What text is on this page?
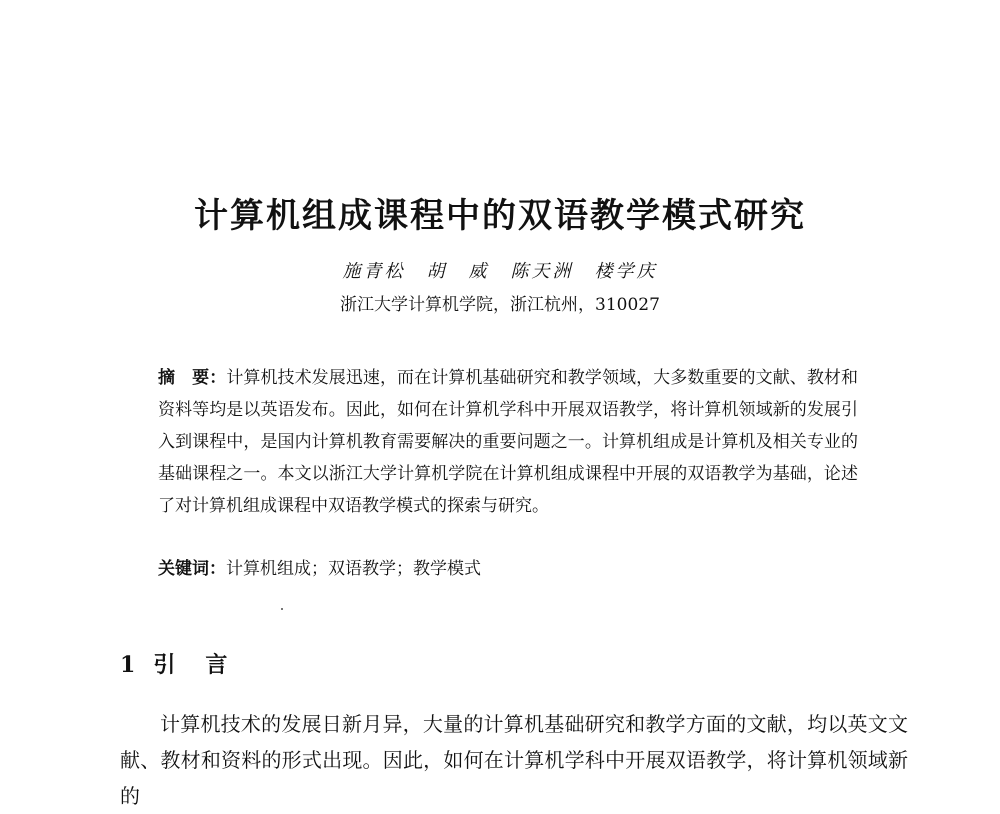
计算机组成课程中的双语教学模式研究
施青松　胡　威　陈天洲　楼学庆
浙江大学计算机学院，浙江杭州，310027
摘　要：计算机技术发展迅速，而在计算机基础研究和教学领域，大多数重要的文献、教材和资料等均是以英语发布。因此，如何在计算机学科中开展双语教学，将计算机领域新的发展引入到课程中，是国内计算机教育需要解决的重要问题之一。计算机组成是计算机及相关专业的基础课程之一。本文以浙江大学计算机学院在计算机组成课程中开展的双语教学为基础，论述了对计算机组成课程中双语教学模式的探索与研究。
关键词：计算机组成；双语教学；教学模式
1 引　言
计算机技术的发展日新月异，大量的计算机基础研究和教学方面的文献，均以英文文献、教材和资料的形式出现。因此，如何在计算机学科中开展双语教学，将计算机领域新的
